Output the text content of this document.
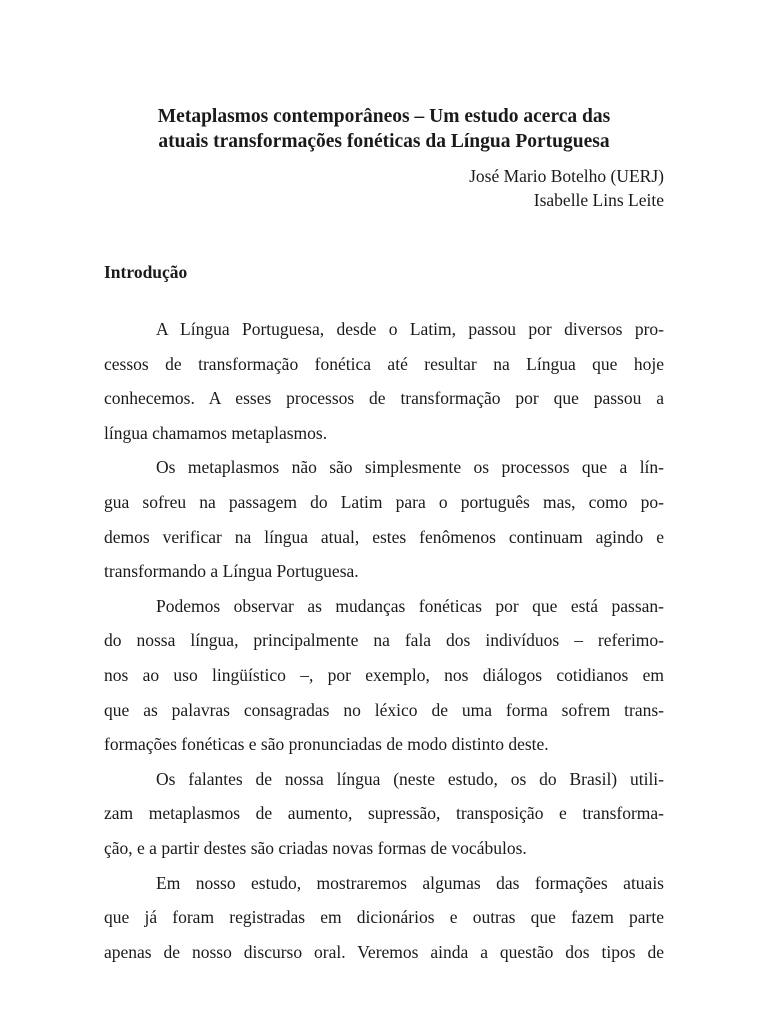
Metaplasmos contemporâneos – Um estudo acerca das
atuais transformações fonéticas da Língua Portuguesa
José Mario Botelho (UERJ)
Isabelle Lins Leite
Introdução

A Língua Portuguesa, desde o Latim, passou por diversos pro-
cessos de transformação fonética até resultar na Língua que hoje
conhecemos. A esses processos de transformação por que passou a
língua chamamos metaplasmos.

Os metaplasmos não são simplesmente os processos que a lín-
gua sofreu na passagem do Latim para o português mas, como po-
demos verificar na língua atual, estes fenômenos continuam agindo e
transformando a Língua Portuguesa.

Podemos observar as mudanças fonéticas por que está passan-
do nossa língua, principalmente na fala dos indivíduos – referimo-
nos ao uso lingüístico –, por exemplo, nos diálogos cotidianos em
que as palavras consagradas no léxico de uma forma sofrem trans-
formações fonéticas e são pronunciadas de modo distinto deste.

Os falantes de nossa língua (neste estudo, os do Brasil) utili-
zam metaplasmos de aumento, supressão, transposição e transforma-
ção, e a partir destes são criadas novas formas de vocábulos.

Em nosso estudo, mostraremos algumas das formações atuais
que já foram registradas em dicionários e outras que fazem parte
apenas de nosso discurso oral. Veremos ainda a questão dos tipos de
